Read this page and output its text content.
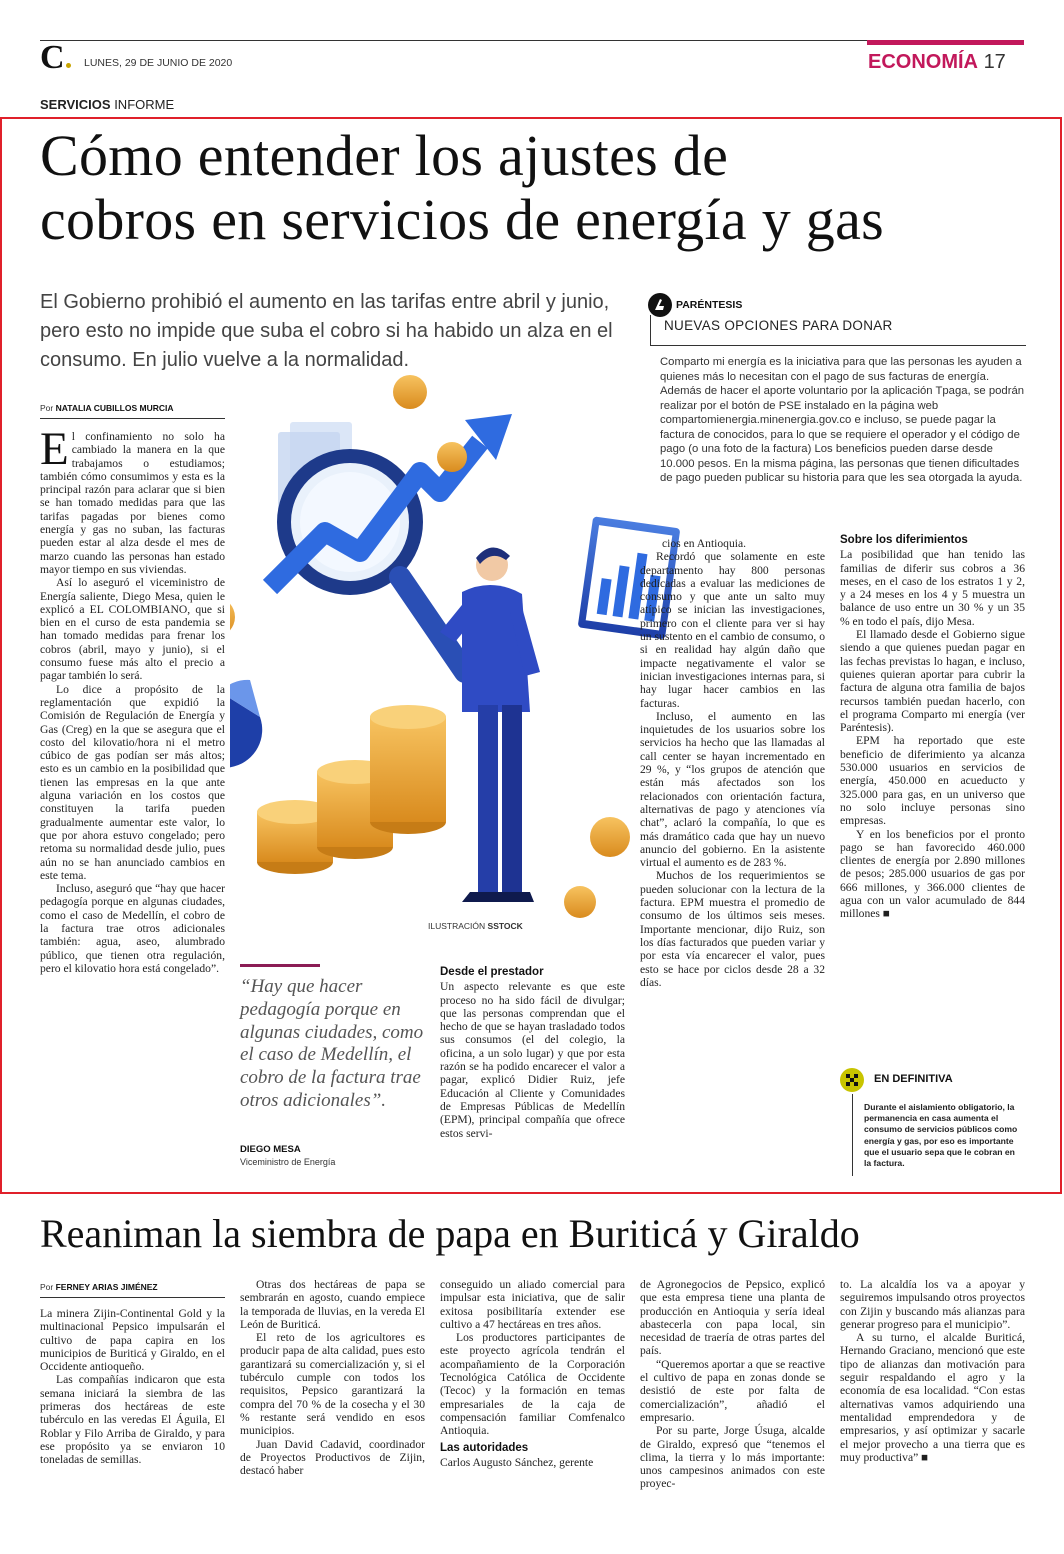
C	LUNES, 29 DE JUNIO DE 2020	ECONOMÍA 17
SERVICIOS INFORME
Cómo entender los ajustes de
cobros en servicios de energía y gas
El Gobierno prohibió el aumento en las tarifas entre abril y junio, pero esto no impide que suba el cobro si ha habido un alza en el consumo. En julio vuelve a la normalidad.
Por NATALIA CUBILLOS MURCIA

El confinamiento no solo ha cambiado la manera en la que trabajamos o estudiamos; también cómo consumimos y esta es la principal razón para aclarar que si bien se han tomado medidas para que las tarifas pagadas por bienes como energía y gas no suban, las facturas pueden estar al alza desde el mes de marzo cuando las personas han estado mayor tiempo en sus viviendas.

Así lo aseguró el viceministro de Energía saliente, Diego Mesa, quien le explicó a EL COLOMBIANO, que si bien en el curso de esta pandemia se han tomado medidas para frenar los cobros (abril, mayo y junio), si el consumo fuese más alto el precio a pagar también lo será.

Lo dice a propósito de la reglamentación que expidió la Comisión de Regulación de Energía y Gas (Creg) en la que se asegura que el costo del kilovatio/hora ni el metro cúbico de gas podían ser más altos; esto es un cambio en la posibilidad que tienen las empresas en la que ante alguna variación en los costos que constituyen la tarifa pueden gradualmente aumentar este valor, lo que por ahora estuvo congelado; pero retoma su normalidad desde julio, pues aún no se han anunciado cambios en este tema.

Incluso, aseguró que “hay que hacer pedagogía porque en algunas ciudades, como el caso de Medellín, el cobro de la factura trae otros adicionales también: agua, aseo, alumbrado público, que tienen otra regulación, pero el kilovatio hora está congelado”.

PARÉNTESIS
NUEVAS OPCIONES PARA DONAR
Comparto mi energía es la iniciativa para que las personas les ayuden a quienes más lo necesitan con el pago de sus facturas de energía. Además de hacer el aporte voluntario por la aplicación Tpaga, se podrán realizar por el botón de PSE instalado en la página web compartomienergia.minenergia.gov.co e incluso, se puede pagar la factura de conocidos, para lo que se requiere el operador y el código de pago (o una foto de la factura) Los beneficios pueden darse desde 10.000 pesos. En la misma página, las personas que tienen dificultades de pago pueden publicar su historia para que les sea otorgada la ayuda.
ILUSTRACIÓN SSTOCK
“Hay que hacer pedagogía porque en algunas ciudades, como el caso de Medellín, el cobro de la factura trae otros adicionales”.
DIEGO MESA
Viceministro de Energía
Desde el prestador

Un aspecto relevante es que este proceso no ha sido fácil de divulgar; que las personas comprendan que el hecho de que se hayan trasladado todos sus consumos (el del colegio, la oficina, a un solo lugar) y que por esta razón se ha podido encarecer el valor a pagar, explicó Didier Ruiz, jefe Educación al Cliente y Comunidades de Empresas Públicas de Medellín (EPM), principal compañía que ofrece estos servi-

cios en Antioquia.

Recordó que solamente en este departamento hay 800 personas dedicadas a evaluar las mediciones de consumo y que ante un salto muy atípico se inician las investigaciones, primero con el cliente para ver si hay un sustento en el cambio de consumo, o si en realidad hay algún daño que impacte negativamente el valor se inician investigaciones internas para, si hay lugar hacer cambios en las facturas.

Incluso, el aumento en las inquietudes de los usuarios sobre los servicios ha hecho que las llamadas al call center se hayan incrementado en 29 %, y “los grupos de atención que están más afectados son los relacionados con orientación factura, alternativas de pago y atenciones vía chat”, aclaró la compañía, lo que es más dramático cada que hay un nuevo anuncio del gobierno. En la asistente virtual el aumento es de 283 %.

Muchos de los requerimientos se pueden solucionar con la lectura de la factura. EPM muestra el promedio de consumo de los últimos seis meses. Importante mencionar, dijo Ruiz, son los días facturados que pueden variar y por esta vía encarecer el valor, pues esto se hace por ciclos desde 28 a 32 días.

Sobre los diferimientos

La posibilidad que han tenido las familias de diferir sus cobros a 36 meses, en el caso de los estratos 1 y 2, y a 24 meses en los 4 y 5 muestra un balance de uso entre un 30 % y un 35 % en todo el país, dijo Mesa.

El llamado desde el Gobierno sigue siendo a que quienes puedan pagar en las fechas previstas lo hagan, e incluso, quienes quieran aportar para cubrir la factura de alguna otra familia de bajos recursos también puedan hacerlo, con el programa Comparto mi energía (ver Paréntesis).

EPM ha reportado que este beneficio de diferimiento ya alcanza 530.000 usuarios en servicios de energía, 450.000 en acueducto y 325.000 para gas, en un universo que no solo incluye personas sino empresas.

Y en los beneficios por el pronto pago se han favorecido 460.000 clientes de energía por 2.890 millones de pesos; 285.000 usuarios de gas por 666 millones, y 366.000 clientes de agua con un valor acumulado de 844 millones ■

EN DEFINITIVA
Durante el aislamiento obligatorio, la permanencia en casa aumenta el consumo de servicios públicos como energía y gas, por eso es importante que el usuario sepa que le cobran en la factura.
Reaniman la siembra de papa en Buriticá y Giraldo
Por FERNEY ARIAS JIMÉNEZ

La minera Zijin-Continental Gold y la multinacional Pepsico impulsarán el cultivo de papa capira en los municipios de Buriticá y Giraldo, en el Occidente antioqueño.

Las compañías indicaron que esta semana iniciará la siembra de las primeras dos hectáreas de este tubérculo en las veredas El Águila, El Roblar y Filo Arriba de Giraldo, y para ese propósito ya se enviaron 10 toneladas de semillas.

Otras dos hectáreas de papa se sembrarán en agosto, cuando empiece la temporada de lluvias, en la vereda El León de Buriticá.

El reto de los agricultores es producir papa de alta calidad, pues esto garantizará su comercialización y, si el tubérculo cumple con todos los requisitos, Pepsico garantizará la compra del 70 % de la cosecha y el 30 % restante será vendido en esos municipios.

Juan David Cadavid, coordinador de Proyectos Productivos de Zijin, destacó haber

conseguido un aliado comercial para impulsar esta iniciativa, que de salir exitosa posibilitaría extender ese cultivo a 47 hectáreas en tres años.

Los productores participantes de este proyecto agrícola tendrán el acompañamiento de la Corporación Tecnológica Católica de Occidente (Tecoc) y la formación en temas empresariales de la caja de compensación familiar Comfenalco Antioquia.

Las autoridades

Carlos Augusto Sánchez, gerente

de Agronegocios de Pepsico, explicó que esta empresa tiene una planta de producción en Antioquia y sería ideal abastecerla con papa local, sin necesidad de traería de otras partes del país.

“Queremos aportar a que se reactive el cultivo de papa en zonas donde se desistió de este por falta de comercialización”, añadió el empresario.

Por su parte, Jorge Úsuga, alcalde de Giraldo, expresó que “tenemos el clima, la tierra y lo más importante: unos campesinos animados con este proyec-

to. La alcaldía los va a apoyar y seguiremos impulsando otros proyectos con Zijin y buscando más alianzas para generar progreso para el municipio”.

A su turno, el alcalde Buriticá, Hernando Graciano, mencionó que este tipo de alianzas dan motivación para seguir respaldando el agro y la economía de esa localidad. “Con estas alternativas vamos adquiriendo una mentalidad emprendedora y de empresarios, y así optimizar y sacarle el mejor provecho a una tierra que es muy productiva” ■
